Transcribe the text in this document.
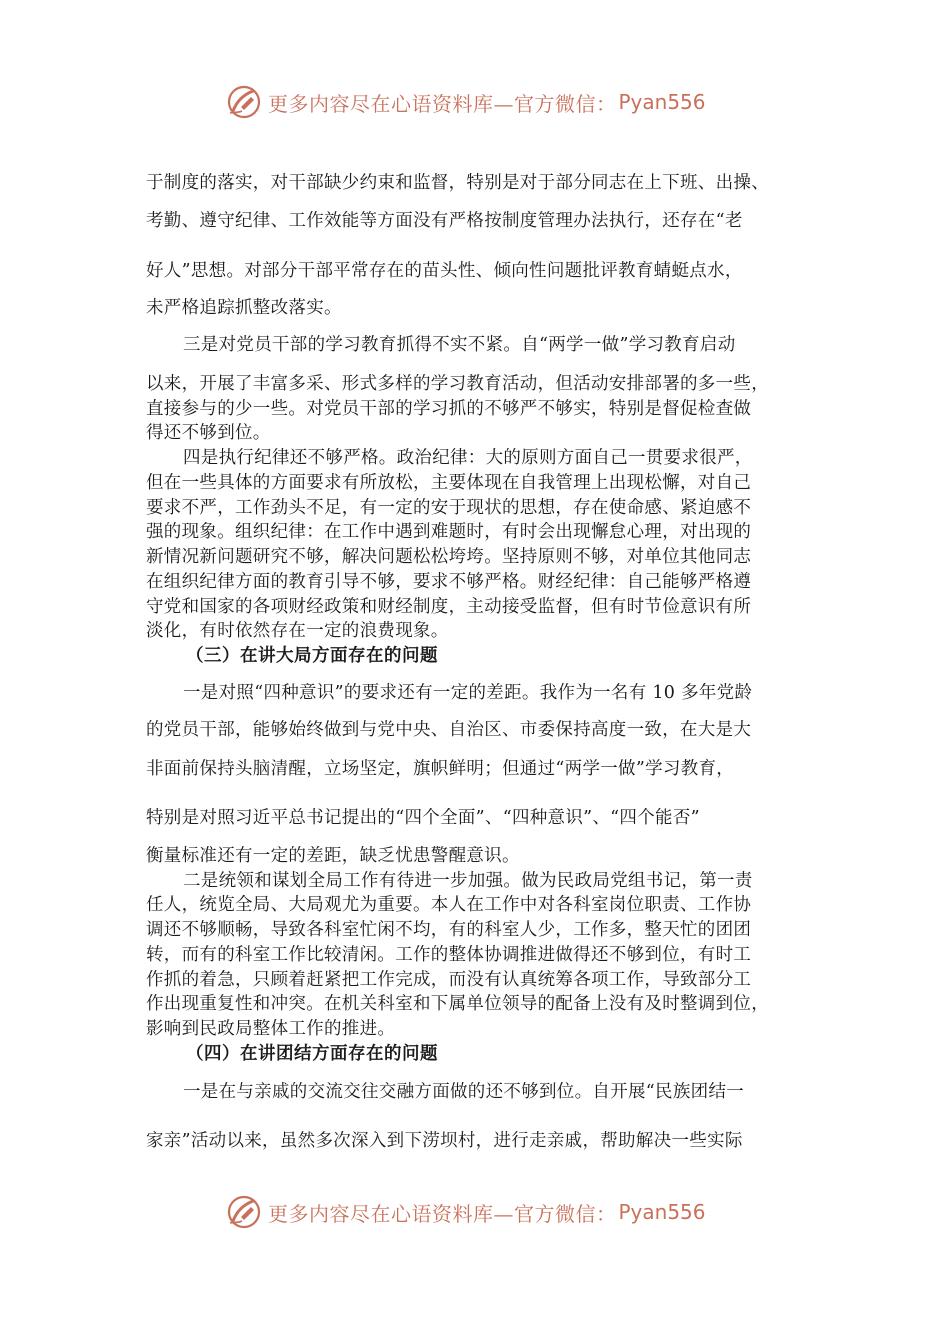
更多内容尽在心语资料库—官方微信： Pyan556
于制度的落实，对干部缺少约束和监督，特别是对于部分同志在上下班、出操、
考勤、遵守纪律、工作效能等方面没有严格按制度管理办法执行，还存在“老
好人”思想。对部分干部平常存在的苗头性、倾向性问题批评教育蜻蜓点水，
未严格追踪抓整改落实。
三是对党员干部的学习教育抓得不实不紧。自“两学一做”学习教育启动
以来，开展了丰富多采、形式多样的学习教育活动，但活动安排部署的多一些，
直接参与的少一些。对党员干部的学习抓的不够严不够实，特别是督促检查做
得还不够到位。
四是执行纪律还不够严格。政治纪律：大的原则方面自己一贯要求很严，
但在一些具体的方面要求有所放松，主要体现在自我管理上出现松懈，对自己
要求不严，工作劲头不足，有一定的安于现状的思想，存在使命感、紧迫感不
强的现象。组织纪律：在工作中遇到难题时，有时会出现懈怠心理，对出现的
新情况新问题研究不够，解决问题松松垮垮。坚持原则不够，对单位其他同志
在组织纪律方面的教育引导不够，要求不够严格。财经纪律：自己能够严格遵
守党和国家的各项财经政策和财经制度，主动接受监督，但有时节俭意识有所
淡化，有时依然存在一定的浪费现象。
（三）在讲大局方面存在的问题
一是对照“四种意识”的要求还有一定的差距。我作为一名有 10 多年党龄
的党员干部，能够始终做到与党中央、自治区、市委保持高度一致，在大是大
非面前保持头脑清醒，立场坚定，旗帜鲜明；但通过“两学一做”学习教育，
特别是对照习近平总书记提出的“四个全面”、“四种意识”、“四个能否”
衡量标准还有一定的差距，缺乏忧患警醒意识。
二是统领和谋划全局工作有待进一步加强。做为民政局党组书记，第一责
任人，统览全局、大局观尤为重要。本人在工作中对各科室岗位职责、工作协
调还不够顺畅，导致各科室忙闲不均，有的科室人少，工作多，整天忙的团团
转，而有的科室工作比较清闲。工作的整体协调推进做得还不够到位，有时工
作抓的着急，只顾着赶紧把工作完成，而没有认真统筹各项工作，导致部分工
作出现重复性和冲突。在机关科室和下属单位领导的配备上没有及时整调到位，
影响到民政局整体工作的推进。
（四）在讲团结方面存在的问题
一是在与亲戚的交流交往交融方面做的还不够到位。自开展“民族团结一
家亲”活动以来，虽然多次深入到下涝坝村，进行走亲戚，帮助解决一些实际
更多内容尽在心语资料库—官方微信： Pyan556
